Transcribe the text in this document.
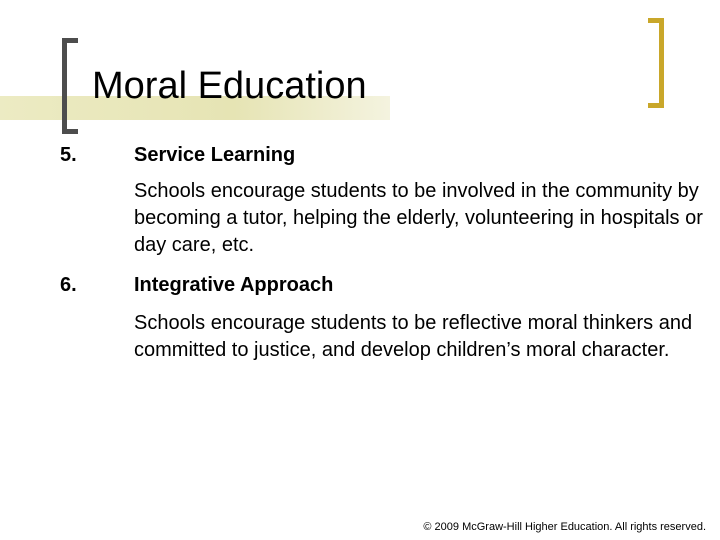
Moral Education
5.	Service Learning
Schools encourage students to be involved in the community by becoming a tutor, helping the elderly, volunteering in hospitals or day care, etc.
6.	Integrative Approach
Schools encourage students to be reflective moral thinkers and committed to justice, and develop children’s moral character.
© 2009 McGraw-Hill Higher Education. All rights reserved.
